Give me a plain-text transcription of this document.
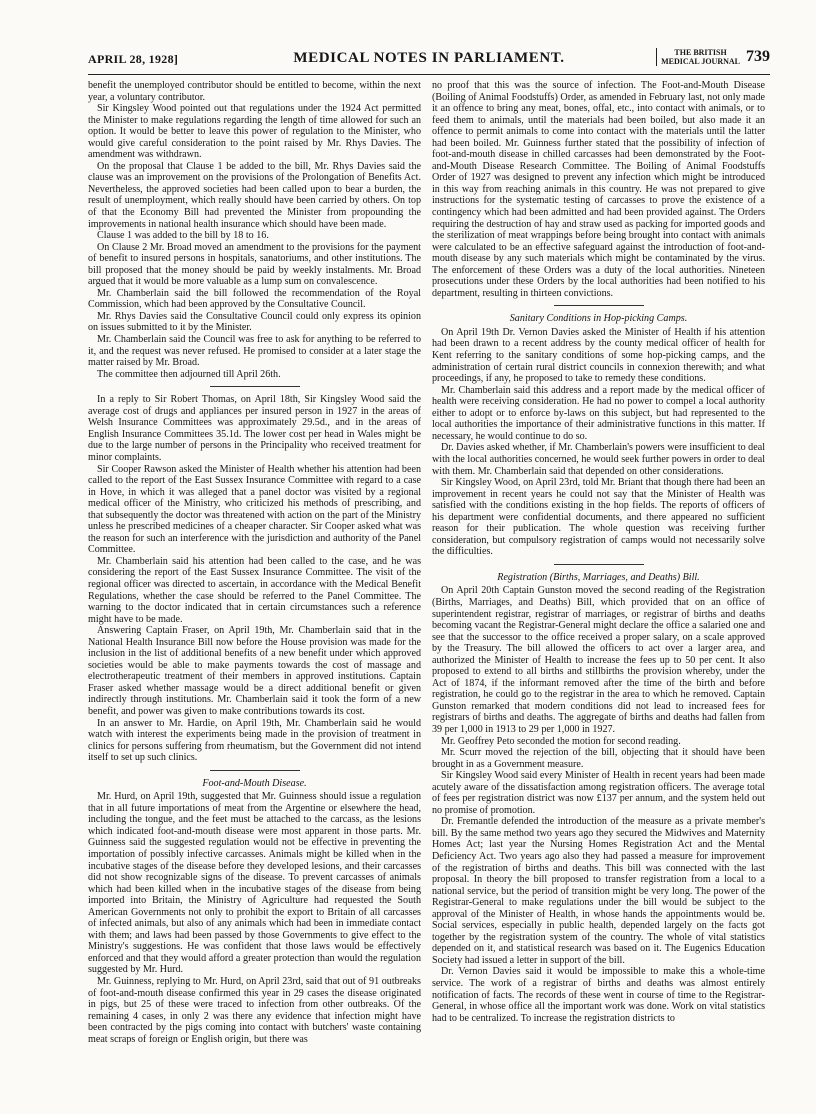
APRIL 28, 1928]	MEDICAL NOTES IN PARLIAMENT.	THE BRITISH
MEDICAL JOURNAL 739

benefit the unemployed contributor should be entitled to become, within the next year, a voluntary contributor.

Sir Kingsley Wood pointed out that regulations under the 1924 Act permitted the Minister to make regulations regarding the length of time allowed for such an option. It would be better to leave this power of regulation to the Minister, who would give careful consideration to the point raised by Mr. Rhys Davies. The amendment was withdrawn.

On the proposal that Clause 1 be added to the bill, Mr. Rhys Davies said the clause was an improvement on the provisions of the Prolongation of Benefits Act. Nevertheless, the approved societies had been called upon to bear a burden, the result of unemployment, which really should have been carried by others. On top of that the Economy Bill had prevented the Minister from propounding the improvements in national health insurance which should have been made.

Clause 1 was added to the bill by 18 to 16.

On Clause 2 Mr. Broad moved an amendment to the provisions for the payment of benefit to insured persons in hospitals, sanatoriums, and other institutions. The bill proposed that the money should be paid by weekly instalments. Mr. Broad argued that it would be more valuable as a lump sum on convalescence.

Mr. Chamberlain said the bill followed the recommendation of the Royal Commission, which had been approved by the Consultative Council.

Mr. Rhys Davies said the Consultative Council could only express its opinion on issues submitted to it by the Minister.

Mr. Chamberlain said the Council was free to ask for anything to be referred to it, and the request was never refused. He promised to consider at a later stage the matter raised by Mr. Broad.

The committee then adjourned till April 26th.

In a reply to Sir Robert Thomas, on April 18th, Sir Kingsley Wood said the average cost of drugs and appliances per insured person in 1927 in the areas of Welsh Insurance Committees was approximately 29.5d., and in the areas of English Insurance Committees 35.1d. The lower cost per head in Wales might be due to the large number of persons in the Principality who received treatment for minor complaints.

Sir Cooper Rawson asked the Minister of Health whether his attention had been called to the report of the East Sussex Insurance Committee with regard to a case in Hove, in which it was alleged that a panel doctor was visited by a regional medical officer of the Ministry, who criticized his methods of prescribing, and that subsequently the doctor was threatened with action on the part of the Ministry unless he prescribed medicines of a cheaper character. Sir Cooper asked what was the reason for such an interference with the jurisdiction and authority of the Panel Committee.

Mr. Chamberlain said his attention had been called to the case, and he was considering the report of the East Sussex Insurance Committee. The visit of the regional officer was directed to ascertain, in accordance with the Medical Benefit Regulations, whether the case should be referred to the Panel Committee. The warning to the doctor indicated that in certain circumstances such a reference might have to be made.

Answering Captain Fraser, on April 19th, Mr. Chamberlain said that in the National Health Insurance Bill now before the House provision was made for the inclusion in the list of additional benefits of a new benefit under which approved societies would be able to make payments towards the cost of massage and electrotherapeutic treatment of their members in approved institutions. Captain Fraser asked whether massage would be a direct additional benefit or given indirectly through institutions. Mr. Chamberlain said it took the form of a new benefit, and power was given to make contributions towards its cost.

In an answer to Mr. Hardie, on April 19th, Mr. Chamberlain said he would watch with interest the experiments being made in the provision of treatment in clinics for persons suffering from rheumatism, but the Government did not intend itself to set up such clinics.

Foot-and-Mouth Disease.

Mr. Hurd, on April 19th, suggested that Mr. Guinness should issue a regulation that in all future importations of meat from the Argentine or elsewhere the head, including the tongue, and the feet must be attached to the carcass, as the lesions which indicated foot-and-mouth disease were most apparent in those parts. Mr. Guinness said the suggested regulation would not be effective in preventing the importation of possibly infective carcasses. Animals might be killed when in the incubative stages of the disease before they developed lesions, and their carcasses did not show recognizable signs of the disease. To prevent carcasses of animals which had been killed when in the incubative stages of the disease from being imported into Britain, the Ministry of Agriculture had requested the South American Governments not only to prohibit the export to Britain of all carcasses of infected animals, but also of any animals which had been in immediate contact with them; and laws had been passed by those Governments to give effect to the Ministry's suggestions. He was confident that those laws would be effectively enforced and that they would afford a greater protection than would the regulation suggested by Mr. Hurd.

Mr. Guinness, replying to Mr. Hurd, on April 23rd, said that out of 91 outbreaks of foot-and-mouth disease confirmed this year in 29 cases the disease originated in pigs, but 25 of these were traced to infection from other outbreaks. Of the remaining 4 cases, in only 2 was there any evidence that infection might have been contracted by the pigs coming into contact with butchers' waste containing meat scraps of foreign or English origin, but there was

no proof that this was the source of infection. The Foot-and-Mouth Disease (Boiling of Animal Foodstuffs) Order, as amended in February last, not only made it an offence to bring any meat, bones, offal, etc., into contact with animals, or to feed them to animals, until the materials had been boiled, but also made it an offence to permit animals to come into contact with the materials until the latter had been boiled. Mr. Guinness further stated that the possibility of infection of foot-and-mouth disease in chilled carcasses had been demonstrated by the Foot-and-Mouth Disease Research Committee. The Boiling of Animal Foodstuffs Order of 1927 was designed to prevent any infection which might be introduced in this way from reaching animals in this country. He was not prepared to give instructions for the systematic testing of carcasses to prove the existence of a contingency which had been admitted and had been provided against. The Orders requiring the destruction of hay and straw used as packing for imported goods and the sterilization of meat wrappings before being brought into contact with animals were calculated to be an effective safeguard against the introduction of foot-and-mouth disease by any such materials which might be contaminated by the virus. The enforcement of these Orders was a duty of the local authorities. Nineteen prosecutions under these Orders by the local authorities had been notified to his department, resulting in thirteen convictions.

Sanitary Conditions in Hop-picking Camps.

On April 19th Dr. Vernon Davies asked the Minister of Health if his attention had been drawn to a recent address by the county medical officer of health for Kent referring to the sanitary conditions of some hop-picking camps, and the administration of certain rural district councils in connexion therewith; and what proceedings, if any, he proposed to take to remedy these conditions.

Mr. Chamberlain said this address and a report made by the medical officer of health were receiving consideration. He had no power to compel a local authority either to adopt or to enforce by-laws on this subject, but had represented to the local authorities the importance of their administrative functions in this matter. If necessary, he would continue to do so.

Dr. Davies asked whether, if Mr. Chamberlain's powers were insufficient to deal with the local authorities concerned, he would seek further powers in order to deal with them. Mr. Chamberlain said that depended on other considerations.

Sir Kingsley Wood, on April 23rd, told Mr. Briant that though there had been an improvement in recent years he could not say that the Minister of Health was satisfied with the conditions existing in the hop fields. The reports of officers of his department were confidential documents, and there appeared no sufficient reason for their publication. The whole question was receiving further consideration, but compulsory registration of camps would not necessarily solve the difficulties.

Registration (Births, Marriages, and Deaths) Bill.

On April 20th Captain Gunston moved the second reading of the Registration (Births, Marriages, and Deaths) Bill, which provided that on an office of superintendent registrar, registrar of marriages, or registrar of births and deaths becoming vacant the Registrar-General might declare the office a salaried one and see that the successor to the office received a proper salary, on a scale approved by the Treasury. The bill allowed the officers to act over a larger area, and authorized the Minister of Health to increase the fees up to 50 per cent. It also proposed to extend to all births and stillbirths the provision whereby, under the Act of 1874, if the informant removed after the time of the birth and before registration, he could go to the registrar in the area to which he removed. Captain Gunston remarked that modern conditions did not lead to increased fees for registrars of births and deaths. The aggregate of births and deaths had fallen from 39 per 1,000 in 1913 to 29 per 1,000 in 1927.

Mr. Geoffrey Peto seconded the motion for second reading.

Mr. Scurr moved the rejection of the bill, objecting that it should have been brought in as a Government measure.

Sir Kingsley Wood said every Minister of Health in recent years had been made acutely aware of the dissatisfaction among registration officers. The average total of fees per registration district was now £137 per annum, and the system held out no promise of promotion.

Dr. Fremantle defended the introduction of the measure as a private member's bill. By the same method two years ago they secured the Midwives and Maternity Homes Act; last year the Nursing Homes Registration Act and the Mental Deficiency Act. Two years ago also they had passed a measure for improvement of the registration of births and deaths. This bill was connected with the last proposal. In theory the bill proposed to transfer registration from a local to a national service, but the period of transition might be very long. The power of the Registrar-General to make regulations under the bill would be subject to the approval of the Minister of Health, in whose hands the appointments would be. Social services, especially in public health, depended largely on the facts got together by the registration system of the country. The whole of vital statistics depended on it, and statistical research was based on it. The Eugenics Education Society had issued a letter in support of the bill.

Dr. Vernon Davies said it would be impossible to make this a whole-time service. The work of a registrar of births and deaths was almost entirely notification of facts. The records of these went in course of time to the Registrar-General, in whose office all the important work was done. Work on vital statistics had to be centralized. To increase the registration districts to
